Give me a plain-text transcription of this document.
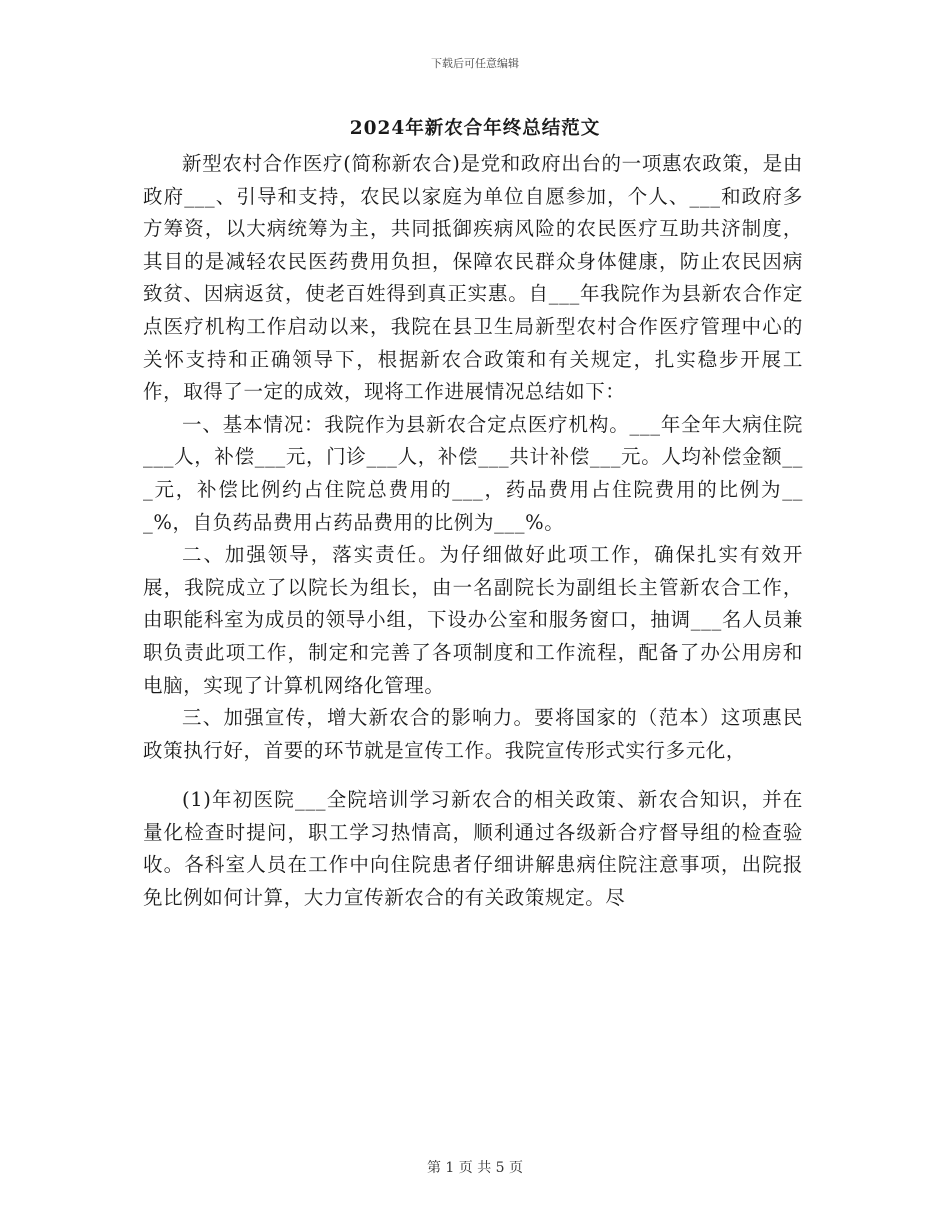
下载后可任意编辑
2024年新农合年终总结范文

新型农村合作医疗(简称新农合)是党和政府出台的一项惠农政策，是由政府___、引导和支持，农民以家庭为单位自愿参加，个人、___和政府多方筹资，以大病统筹为主，共同抵御疾病风险的农民医疗互助共济制度，其目的是减轻农民医药费用负担，保障农民群众身体健康，防止农民因病致贫、因病返贫，使老百姓得到真正实惠。自___年我院作为县新农合作定点医疗机构工作启动以来，我院在县卫生局新型农村合作医疗管理中心的关怀支持和正确领导下，根据新农合政策和有关规定，扎实稳步开展工作，取得了一定的成效，现将工作进展情况总结如下：

一、基本情况：我院作为县新农合定点医疗机构。___年全年大病住院___人，补偿___元，门诊___人，补偿___共计补偿___元。人均补偿金额___元，补偿比例约占住院总费用的___，药品费用占住院费用的比例为___%，自负药品费用占药品费用的比例为___%。

二、加强领导，落实责任。为仔细做好此项工作，确保扎实有效开展，我院成立了以院长为组长，由一名副院长为副组长主管新农合工作，由职能科室为成员的领导小组，下设办公室和服务窗口，抽调___名人员兼职负责此项工作，制定和完善了各项制度和工作流程，配备了办公用房和电脑，实现了计算机网络化管理。

三、加强宣传，增大新农合的影响力。要将国家的（范本）这项惠民政策执行好，首要的环节就是宣传工作。我院宣传形式实行多元化，

(1)年初医院___全院培训学习新农合的相关政策、新农合知识，并在量化检查时提问，职工学习热情高，顺利通过各级新合疗督导组的检查验收。各科室人员在工作中向住院患者仔细讲解患病住院注意事项，出院报免比例如何计算，大力宣传新农合的有关政策规定。尽

第 1 页 共 5 页
